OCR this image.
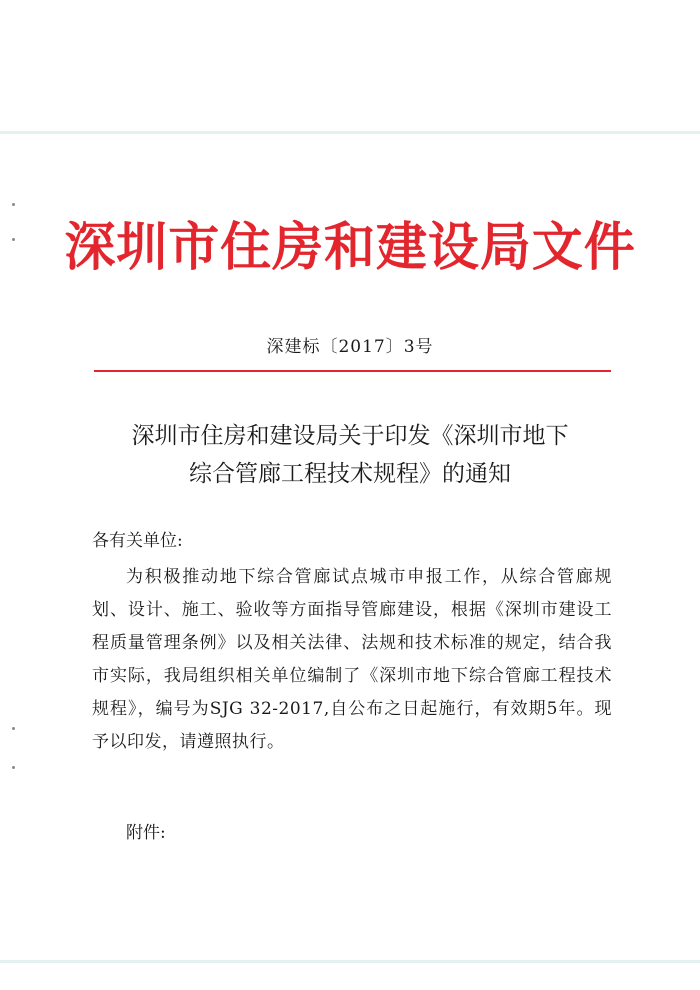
深圳市住房和建设局文件
深建标〔2017〕3号
深圳市住房和建设局关于印发《深圳市地下
综合管廊工程技术规程》的通知
各有关单位:
为积极推动地下综合管廊试点城市申报工作，从综合管廊规划、设计、施工、验收等方面指导管廊建设，根据《深圳市建设工程质量管理条例》以及相关法律、法规和技术标准的规定，结合我市实际，我局组织相关单位编制了《深圳市地下综合管廊工程技术规程》，编号为SJG 32-2017,自公布之日起施行，有效期5年。现予以印发，请遵照执行。
附件:
